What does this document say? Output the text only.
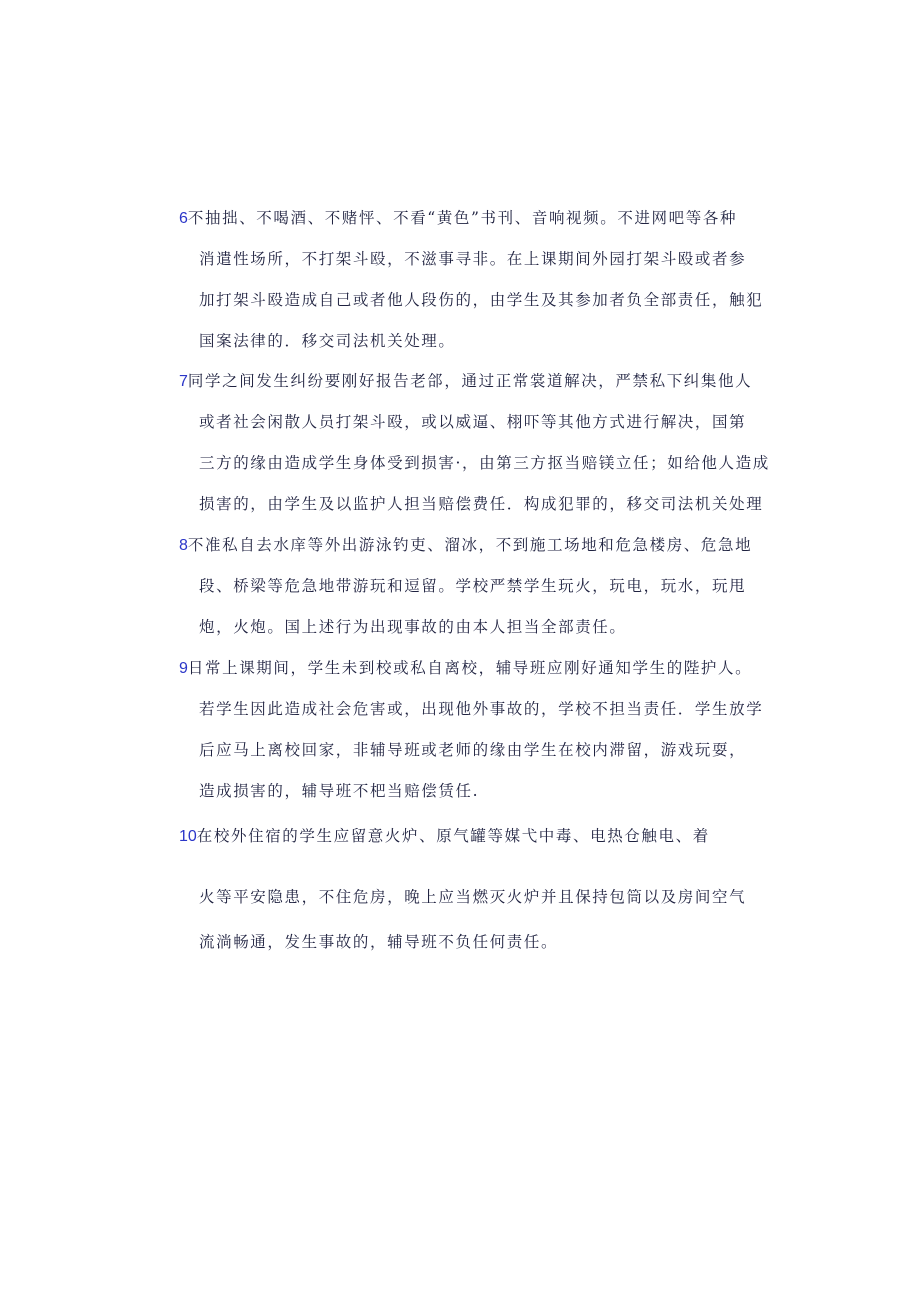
6不抽拙、不喝酒、不赌怦、不看“黄色”书刊、音响视频。不进网吧等各种
消遣性场所，不打架斗殴，不滋事寻非。在上课期间外园打架斗殴或者参
加打架斗殴造成自己或者他人段伤的，由学生及其参加者负全部责任，触犯
国案法律的．移交司法机关处理。
7同学之间发生纠纷要刚好报告老郃，通过正常裳道解决，严禁私下纠集他人
或者社会闲散人员打架斗殴，或以威逼、栩吓等其他方式进行解决，国第
三方的缘由造成学生身体受到损害·，由第三方抠当赔镁立任；如给他人造成
损害的，由学生及以监护人担当赔偿费任．构成犯罪的，移交司法机关处理
8不准私自去水庠等外出游泳钓吏、溜冰，不到施工场地和危急楼房、危急地
段、桥梁等危急地带游玩和逗留。学校严禁学生玩火，玩电，玩水，玩甩
炮，火炮。国上述行为出现事故的由本人担当全部责任。
9日常上课期间，学生未到校或私自离校，辅导班应刚好通知学生的陛护人。
若学生因此造成社会危害或，出现他外事故的，学校不担当责任．学生放学
后应马上离校回家，非辅导班或老师的缘由学生在校内滞留，游戏玩耍，
造成损害的，辅导班不杷当赔偿赁任.
10在校外住宿的学生应留意火炉、原气罐等媒弋中毒、电热仓触电、着
火等平安隐患，不住危房，晚上应当燃灭火炉并且保持包筒以及房间空气
流淌畅通，发生事故的，辅导班不负任何责任。
